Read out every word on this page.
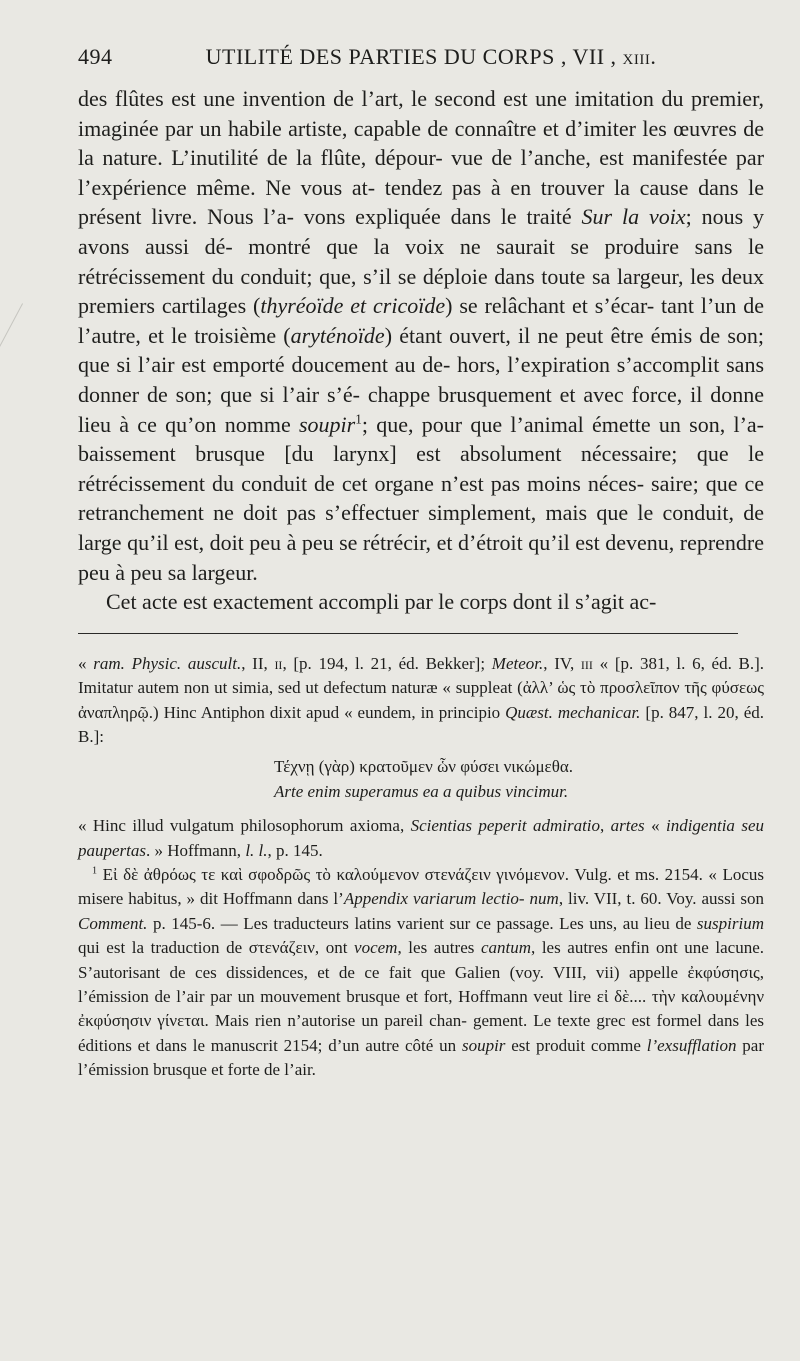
494	UTILITÉ DES PARTIES DU CORPS , VII , xiii.

des flûtes est une invention de l’art, le second est une imitation du premier, imaginée par un habile artiste, capable de connaître et d’imiter les œuvres de la nature. L’inutilité de la flûte, dépour- vue de l’anche, est manifestée par l’expérience même. Ne vous at- tendez pas à en trouver la cause dans le présent livre. Nous l’a- vons expliquée dans le traité Sur la voix; nous y avons aussi dé- montré que la voix ne saurait se produire sans le rétrécissement du conduit; que, s’il se déploie dans toute sa largeur, les deux premiers cartilages (thyréoïde et cricoïde) se relâchant et s’écar- tant l’un de l’autre, et le troisième (aryténoïde) étant ouvert, il ne peut être émis de son; que si l’air est emporté doucement au de- hors, l’expiration s’accomplit sans donner de son; que si l’air s’é- chappe brusquement et avec force, il donne lieu à ce qu’on nomme soupir$^1$; que, pour que l’animal émette un son, l’a- baissement brusque [du larynx] est absolument nécessaire; que le rétrécissement du conduit de cet organe n’est pas moins néces- saire; que ce retranchement ne doit pas s’effectuer simplement, mais que le conduit, de large qu’il est, doit peu à peu se rétrécir, et d’étroit qu’il est devenu, reprendre peu à peu sa largeur.

Cet acte est exactement accompli par le corps dont il s’agit ac-

« ram. Physic. auscult., II, ii, [p. 194, l. 21, éd. Bekker]; Meteor., IV, iii « [p. 381, l. 6, éd. B.]. Imitatur autem non ut simia, sed ut defectum naturæ « suppleat (ἀλλ’ ὡς τὸ προσλεῖπον τῆς φύσεως ἀναπληρῷ.) Hinc Antiphon dixit apud « eundem, in principio Quæst. mechanicar. [p. 847, l. 20, éd. B.]:

Τέχνῃ (γὰρ) κρατοῦμεν ὧν φύσει νικώμεθα.
Arte enim superamus ea a quibus vincimur.

« Hinc illud vulgatum philosophorum axioma, Scientias peperit admiratio, artes « indigentia seu paupertas. » Hoffmann, l. l., p. 145.

$^1$ Εἰ δὲ ἀθρόως τε καὶ σφοδρῶς τὸ καλούμενον στενάζειν γινόμενον. Vulg. et ms. 2154. « Locus misere habitus, » dit Hoffmann dans l’Appendix variarum lectio- num, liv. VII, t. 60. Voy. aussi son Comment. p. 145-6. — Les traducteurs latins varient sur ce passage. Les uns, au lieu de suspirium qui est la traduction de στενάζειν, ont vocem, les autres cantum, les autres enfin ont une lacune. S’autorisant de ces dissidences, et de ce fait que Galien (voy. VIII, vii) appelle ἐκφύσησις, l’émission de l’air par un mouvement brusque et fort, Hoffmann veut lire εἰ δὲ.... τὴν καλουμένην ἐκφύσησιν γίνεται. Mais rien n’autorise un pareil chan- gement. Le texte grec est formel dans les éditions et dans le manuscrit 2154; d’un autre côté un soupir est produit comme l’exsufflation par l’émission brusque et forte de l’air.
